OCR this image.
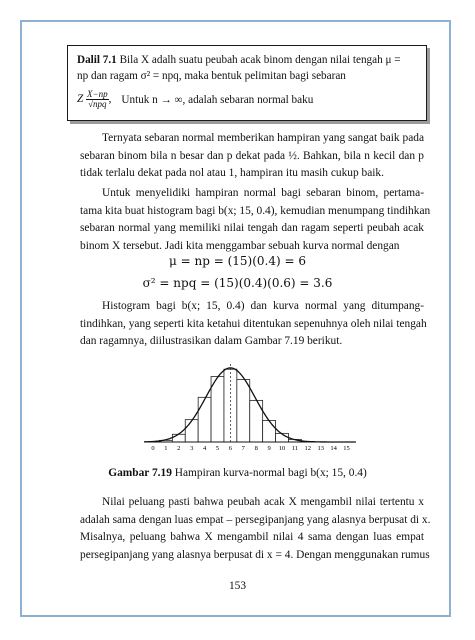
Dalil 7.1 Bila X adalh suatu peubah acak binom dengan nilai tengah μ =
np dan ragam σ² = npq, maka bentuk pelimitan bagi sebaran
Z $\frac{X-np}{\text{√npq}}$ , Untuk n → ∞, adalah sebaran normal baku

Ternyata sebaran normal memberikan hampiran yang sangat baik pada
sebaran binom bila n besar dan p dekat pada ½. Bahkan, bila n kecil dan p
tidak terlalu dekat pada nol atau 1, hampiran itu masih cukup baik.

Untuk menyelidiki hampiran normal bagi sebaran binom, pertama-
tama kita buat histogram bagi b(x; 15, 0.4), kemudian menumpang tindihkan
sebaran normal yang memiliki nilai tengah dan ragam seperti peubah acak
binom X tersebut. Jadi kita menggambar sebuah kurva normal dengan

μ = np = (15)(0.4) = 6
σ² = npq = (15)(0.4)(0.6) = 3.6

Histogram bagi b(x; 15, 0.4) dan kurva normal yang ditumpang-
tindihkan, yang seperti kita ketahui ditentukan sepenuhnya oleh nilai tengah
dan ragamnya, diilustrasikan dalam Gambar 7.19 berikut.

0 1 2 3 4 5 6 7 8 9 10 11 12 13 14 15
Gambar 7.19 Hampiran kurva-normal bagi b(x; 15, 0.4)

Nilai peluang pasti bahwa peubah acak X mengambil nilai tertentu x
adalah sama dengan luas empat – persegipanjang yang alasnya berpusat di x.
Misalnya, peluang bahwa X mengambil nilai 4 sama dengan luas empat
persegipanjang yang alasnya berpusat di x = 4. Dengan menggunakan rumus

153
